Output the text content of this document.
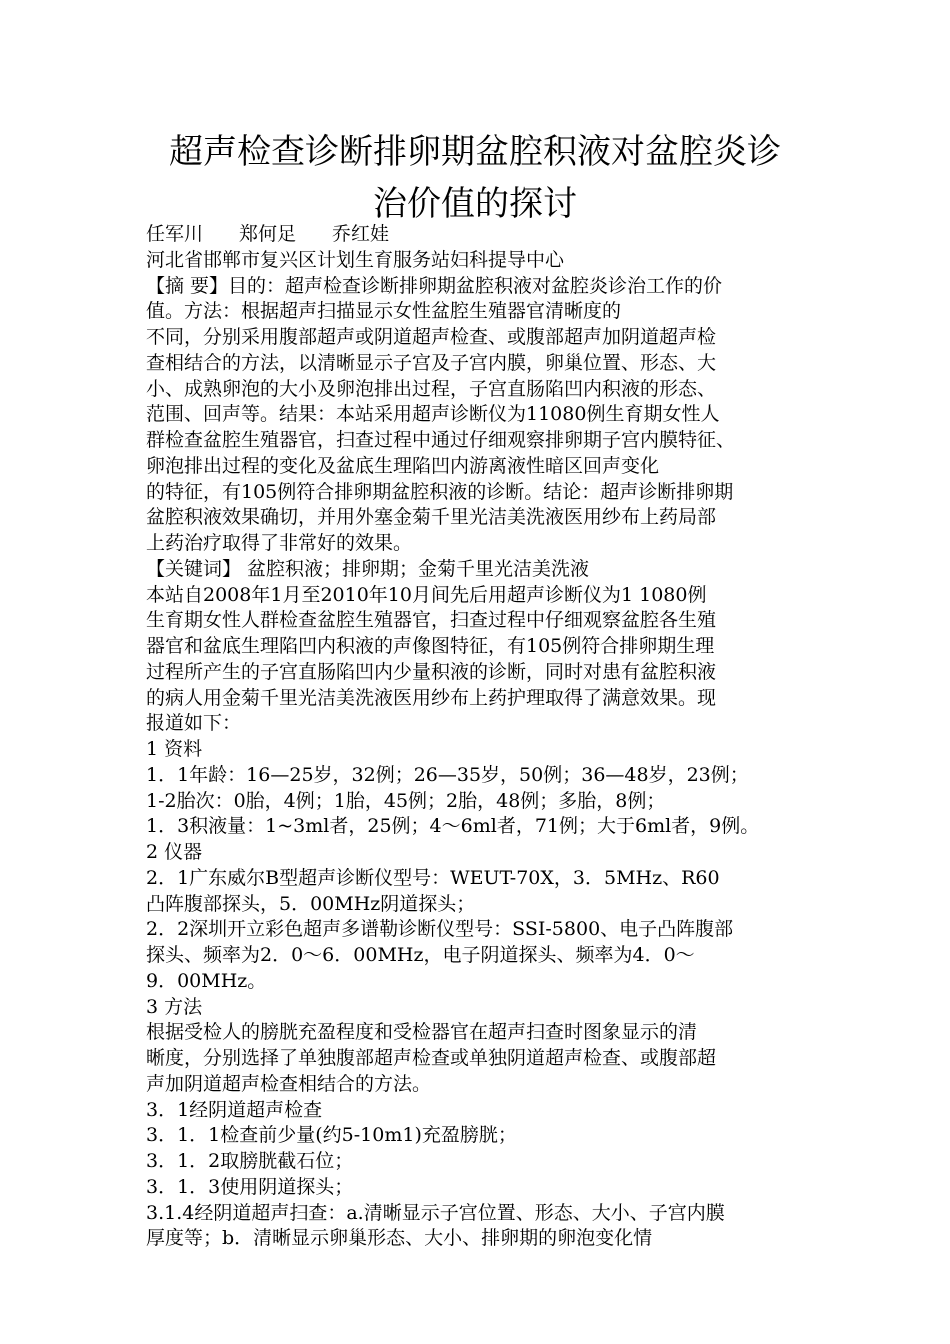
超声检查诊断排卵期盆腔积液对盆腔炎诊
治价值的探讨
任军川 郑何足 乔红娃
河北省邯郸市复兴区计划生育服务站妇科提导中心
【摘 要】目的：超声检查诊断排卵期盆腔积液对盆腔炎诊治工作的价
值。方法：根据超声扫描显示女性盆腔生殖器官清晰度的
不同，分别采用腹部超声或阴道超声检查、或腹部超声加阴道超声检
查相结合的方法，以清晰显示子宫及子宫内膜，卵巢位置、形态、大
小、成熟卵泡的大小及卵泡排出过程，子宫直肠陷凹内积液的形态、
范围、回声等。结果：本站采用超声诊断仪为11080例生育期女性人
群检查盆腔生殖器官，扫查过程中通过仔细观察排卵期子宫内膜特征、
卵泡排出过程的变化及盆底生理陷凹内游离液性暗区回声变化
的特征，有105例符合排卵期盆腔积液的诊断。结论：超声诊断排卵期
盆腔积液效果确切，并用外塞金菊千里光洁美洗液医用纱布上药局部
上药治疗取得了非常好的效果。
【关键词】 盆腔积液；排卵期；金菊千里光洁美洗液
本站自2008年1月至2010年10月间先后用超声诊断仪为1 1080例
生育期女性人群检查盆腔生殖器官，扫查过程中仔细观察盆腔各生殖
器官和盆底生理陷凹内积液的声像图特征，有105例符合排卵期生理
过程所产生的子宫直肠陷凹内少量积液的诊断，同时对患有盆腔积液
的病人用金菊千里光洁美洗液医用纱布上药护理取得了满意效果。现
报道如下：
1 资料
1．1年龄：16—25岁，32例；26—35岁，50例；36—48岁，23例；
1-2胎次：0胎，4例；1胎，45例；2胎，48例；多胎，8例；
1．3积液量：1~3ml者，25例；4～6ml者，71例；大于6ml者，9例。
2 仪器
2．1广东威尔B型超声诊断仪型号：WEUT-70X，3．5MHz、R60
凸阵腹部探头，5．00MHz阴道探头；
2．2深圳开立彩色超声多谱勒诊断仪型号：SSI-5800、电子凸阵腹部
探头、频率为2．0～6．00MHz，电子阴道探头、频率为4．0～
9．00MHz。
3 方法
根据受检人的膀胱充盈程度和受检器官在超声扫查时图象显示的清
晰度，分别选择了单独腹部超声检查或单独阴道超声检查、或腹部超
声加阴道超声检查相结合的方法。
3．1经阴道超声检查
3．1．1检查前少量(约5-10m1)充盈膀胱；
3．1．2取膀胱截石位；
3．1．3使用阴道探头；
3.1.4经阴道超声扫查：a.清晰显示子宫位置、形态、大小、子宫内膜
厚度等；b．清晰显示卵巢形态、大小、排卵期的卵泡变化情
